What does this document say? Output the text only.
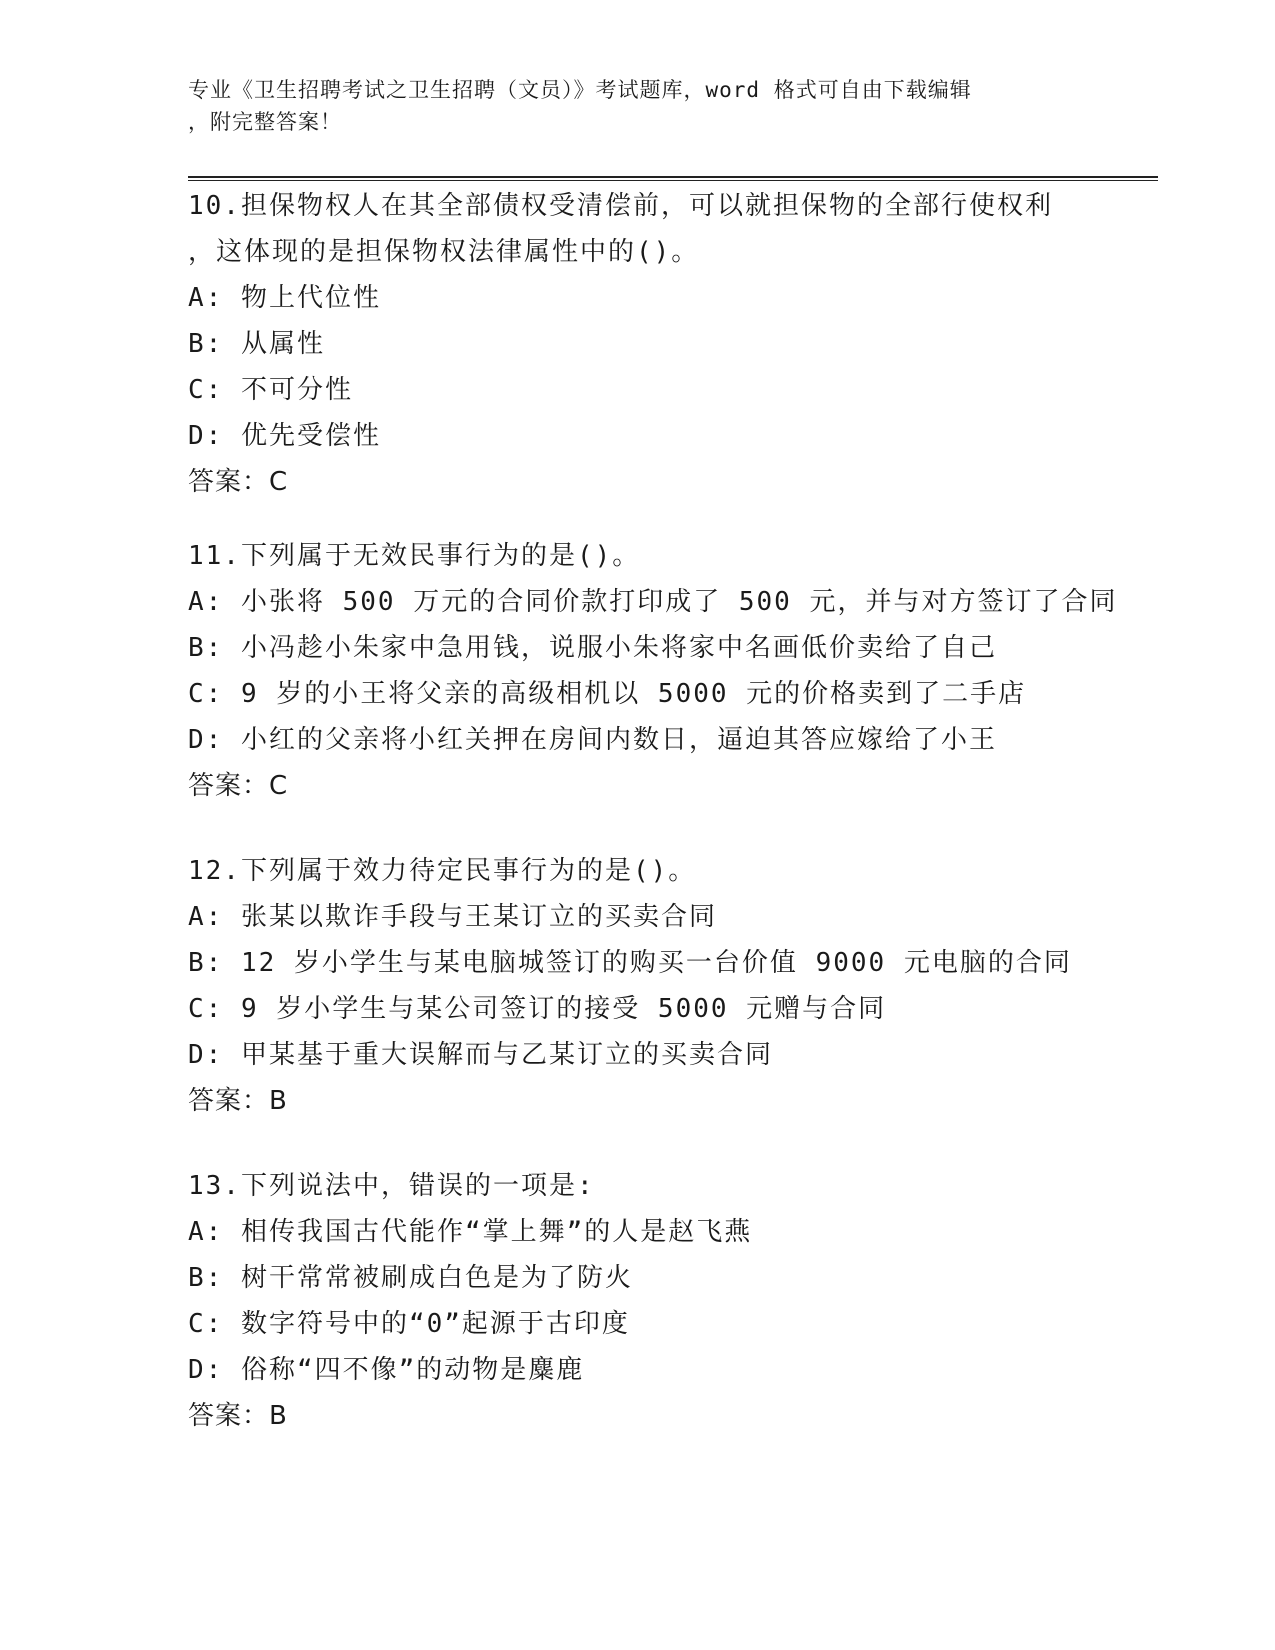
专业《卫生招聘考试之卫生招聘（文员）》考试题库，word 格式可自由下载编辑
，附完整答案！
10.担保物权人在其全部债权受清偿前，可以就担保物的全部行使权利
，这体现的是担保物权法律属性中的()。
A: 物上代位性
B: 从属性
C: 不可分性
D: 优先受偿性
答案：C
11.下列属于无效民事行为的是()。
A: 小张将 500 万元的合同价款打印成了 500 元，并与对方签订了合同
B: 小冯趁小朱家中急用钱，说服小朱将家中名画低价卖给了自己
C: 9 岁的小王将父亲的高级相机以 5000 元的价格卖到了二手店
D: 小红的父亲将小红关押在房间内数日，逼迫其答应嫁给了小王
答案：C
12.下列属于效力待定民事行为的是()。
A: 张某以欺诈手段与王某订立的买卖合同
B: 12 岁小学生与某电脑城签订的购买一台价值 9000 元电脑的合同
C: 9 岁小学生与某公司签订的接受 5000 元赠与合同
D: 甲某基于重大误解而与乙某订立的买卖合同
答案：B
13.下列说法中，错误的一项是:
A: 相传我国古代能作“掌上舞”的人是赵飞燕
B: 树干常常被刷成白色是为了防火
C: 数字符号中的“0”起源于古印度
D: 俗称“四不像”的动物是麋鹿
答案：B
